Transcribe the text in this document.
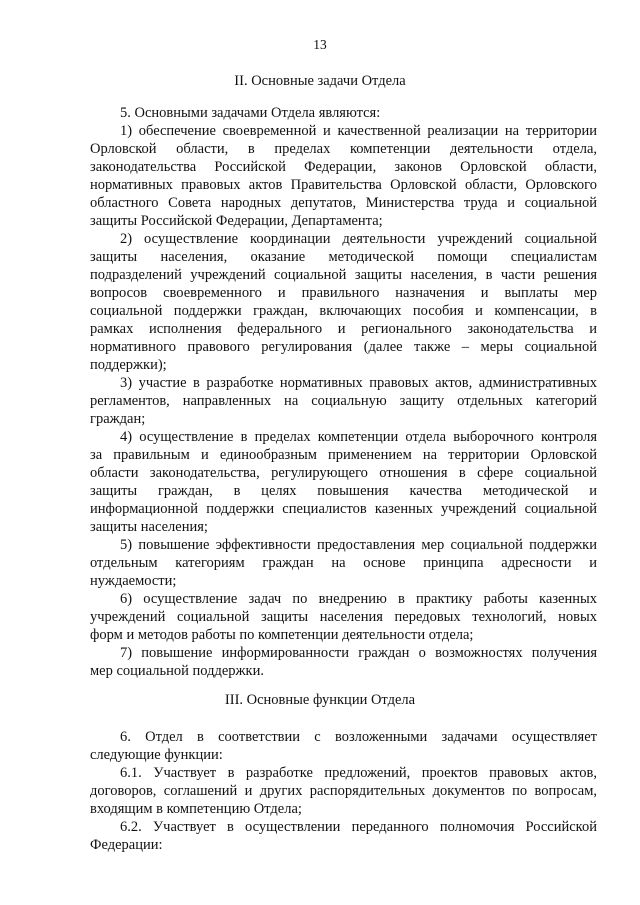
13
II. Основные задачи Отдела
5. Основными задачами Отдела являются:
1) обеспечение своевременной и качественной реализации на территории
Орловской области, в пределах компетенции деятельности отдела,
законодательства Российской Федерации, законов Орловской области,
нормативных правовых актов Правительства Орловской области, Орловского
областного Совета народных депутатов, Министерства труда и социальной
защиты Российской Федерации, Департамента;
2) осуществление координации деятельности учреждений социальной
защиты населения, оказание методической помощи специалистам
подразделений учреждений социальной защиты населения, в части решения
вопросов своевременного и правильного назначения и выплаты мер
социальной поддержки граждан, включающих пособия и компенсации, в
рамках исполнения федерального и регионального законодательства и
нормативного правового регулирования (далее также – меры социальной
поддержки);
3) участие в разработке нормативных правовых актов, административных
регламентов, направленных на социальную защиту отдельных категорий
граждан;
4) осуществление в пределах компетенции отдела выборочного контроля
за правильным и единообразным применением на территории Орловской
области законодательства, регулирующего отношения в сфере социальной
защиты граждан, в целях повышения качества методической и
информационной поддержки специалистов казенных учреждений социальной
защиты населения;
5) повышение эффективности предоставления мер социальной поддержки
отдельным категориям граждан на основе принципа адресности и
нуждаемости;
6) осуществление задач по внедрению в практику работы казенных
учреждений социальной защиты населения передовых технологий, новых
форм и методов работы по компетенции деятельности отдела;
7) повышение информированности граждан о возможностях получения
мер социальной поддержки.
III. Основные функции Отдела
6. Отдел в соответствии с возложенными задачами осуществляет
следующие функции:
6.1. Участвует в разработке предложений, проектов правовых актов,
договоров, соглашений и других распорядительных документов по вопросам,
входящим в компетенцию Отдела;
6.2. Участвует в осуществлении переданного полномочия Российской
Федерации:
